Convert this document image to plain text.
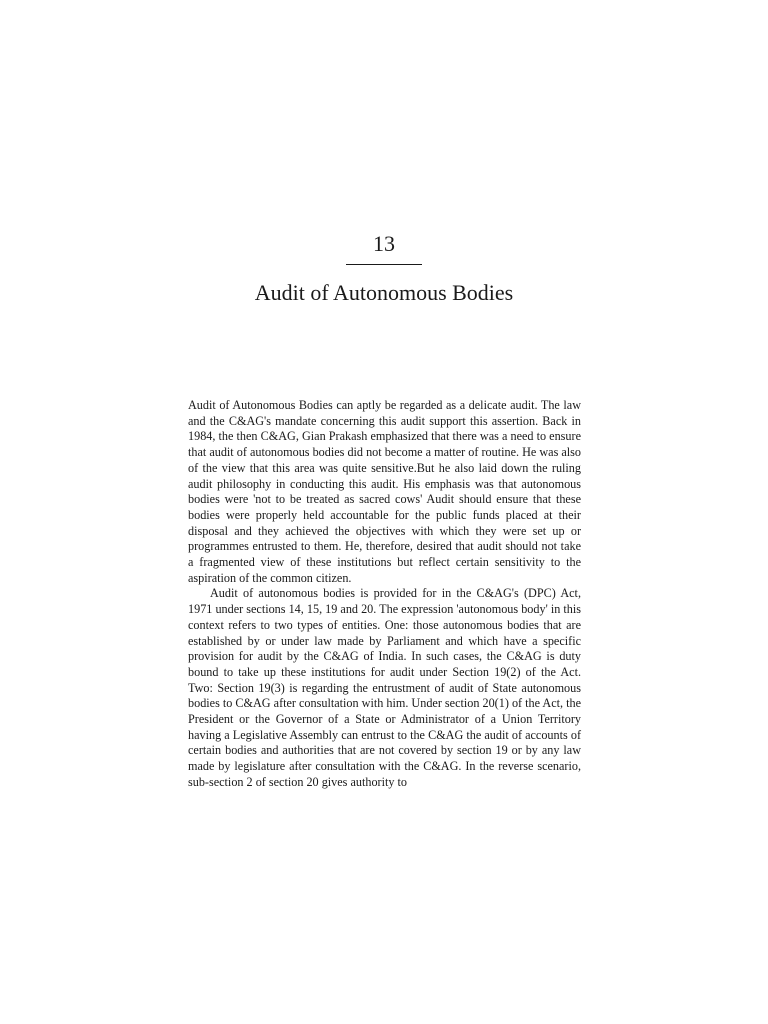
13
Audit of Autonomous Bodies

Audit of Autonomous Bodies can aptly be regarded as a delicate audit. The law and the C&AG's mandate concerning this audit support this assertion. Back in 1984, the then C&AG, Gian Prakash emphasized that there was a need to ensure that audit of autonomous bodies did not become a matter of routine. He was also of the view that this area was quite sensitive.But he also laid down the ruling audit philosophy in conducting this audit. His emphasis was that autonomous bodies were 'not to be treated as sacred cows' Audit should ensure that these bodies were properly held accountable for the public funds placed at their disposal and they achieved the objectives with which they were set up or programmes entrusted to them. He, therefore, desired that audit should not take a fragmented view of these institutions but reflect certain sensitivity to the aspiration of the common citizen.

Audit of autonomous bodies is provided for in the C&AG's (DPC) Act, 1971 under sections 14, 15, 19 and 20. The expression 'autonomous body' in this context refers to two types of entities. One: those autonomous bodies that are established by or under law made by Parliament and which have a specific provision for audit by the C&AG of India. In such cases, the C&AG is duty bound to take up these institutions for audit under Section 19(2) of the Act. Two: Section 19(3) is regarding the entrustment of audit of State autonomous bodies to C&AG after consultation with him. Under section 20(1) of the Act, the President or the Governor of a State or Administrator of a Union Territory having a Legislative Assembly can entrust to the C&AG the audit of accounts of certain bodies and authorities that are not covered by section 19 or by any law made by legislature after consultation with the C&AG. In the reverse scenario, sub-section 2 of section 20 gives authority to
